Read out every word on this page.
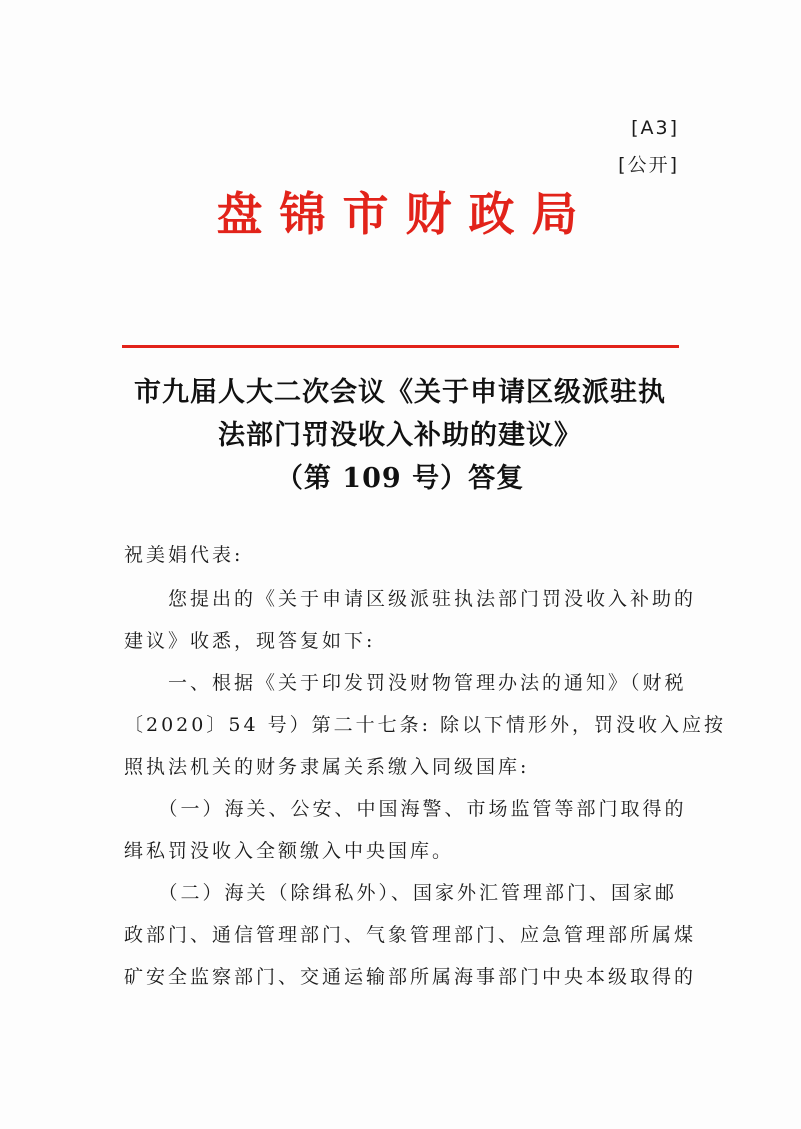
[A3]
[公开]
盘锦市财政局
市九届人大二次会议《关于申请区级派驻执
法部门罚没收入补助的建议》
（第 109 号）答复
祝美娟代表:
　　您提出的《关于申请区级派驻执法部门罚没收入补助的
建议》收悉，现答复如下:
　　一、根据《关于印发罚没财物管理办法的通知》（财税
〔2020〕54 号）第二十七条: 除以下情形外，罚没收入应按
照执法机关的财务隶属关系缴入同级国库:
　　（一）海关、公安、中国海警、市场监管等部门取得的
缉私罚没收入全额缴入中央国库。
　　（二）海关（除缉私外）、国家外汇管理部门、国家邮
政部门、通信管理部门、气象管理部门、应急管理部所属煤
矿安全监察部门、交通运输部所属海事部门中央本级取得的
